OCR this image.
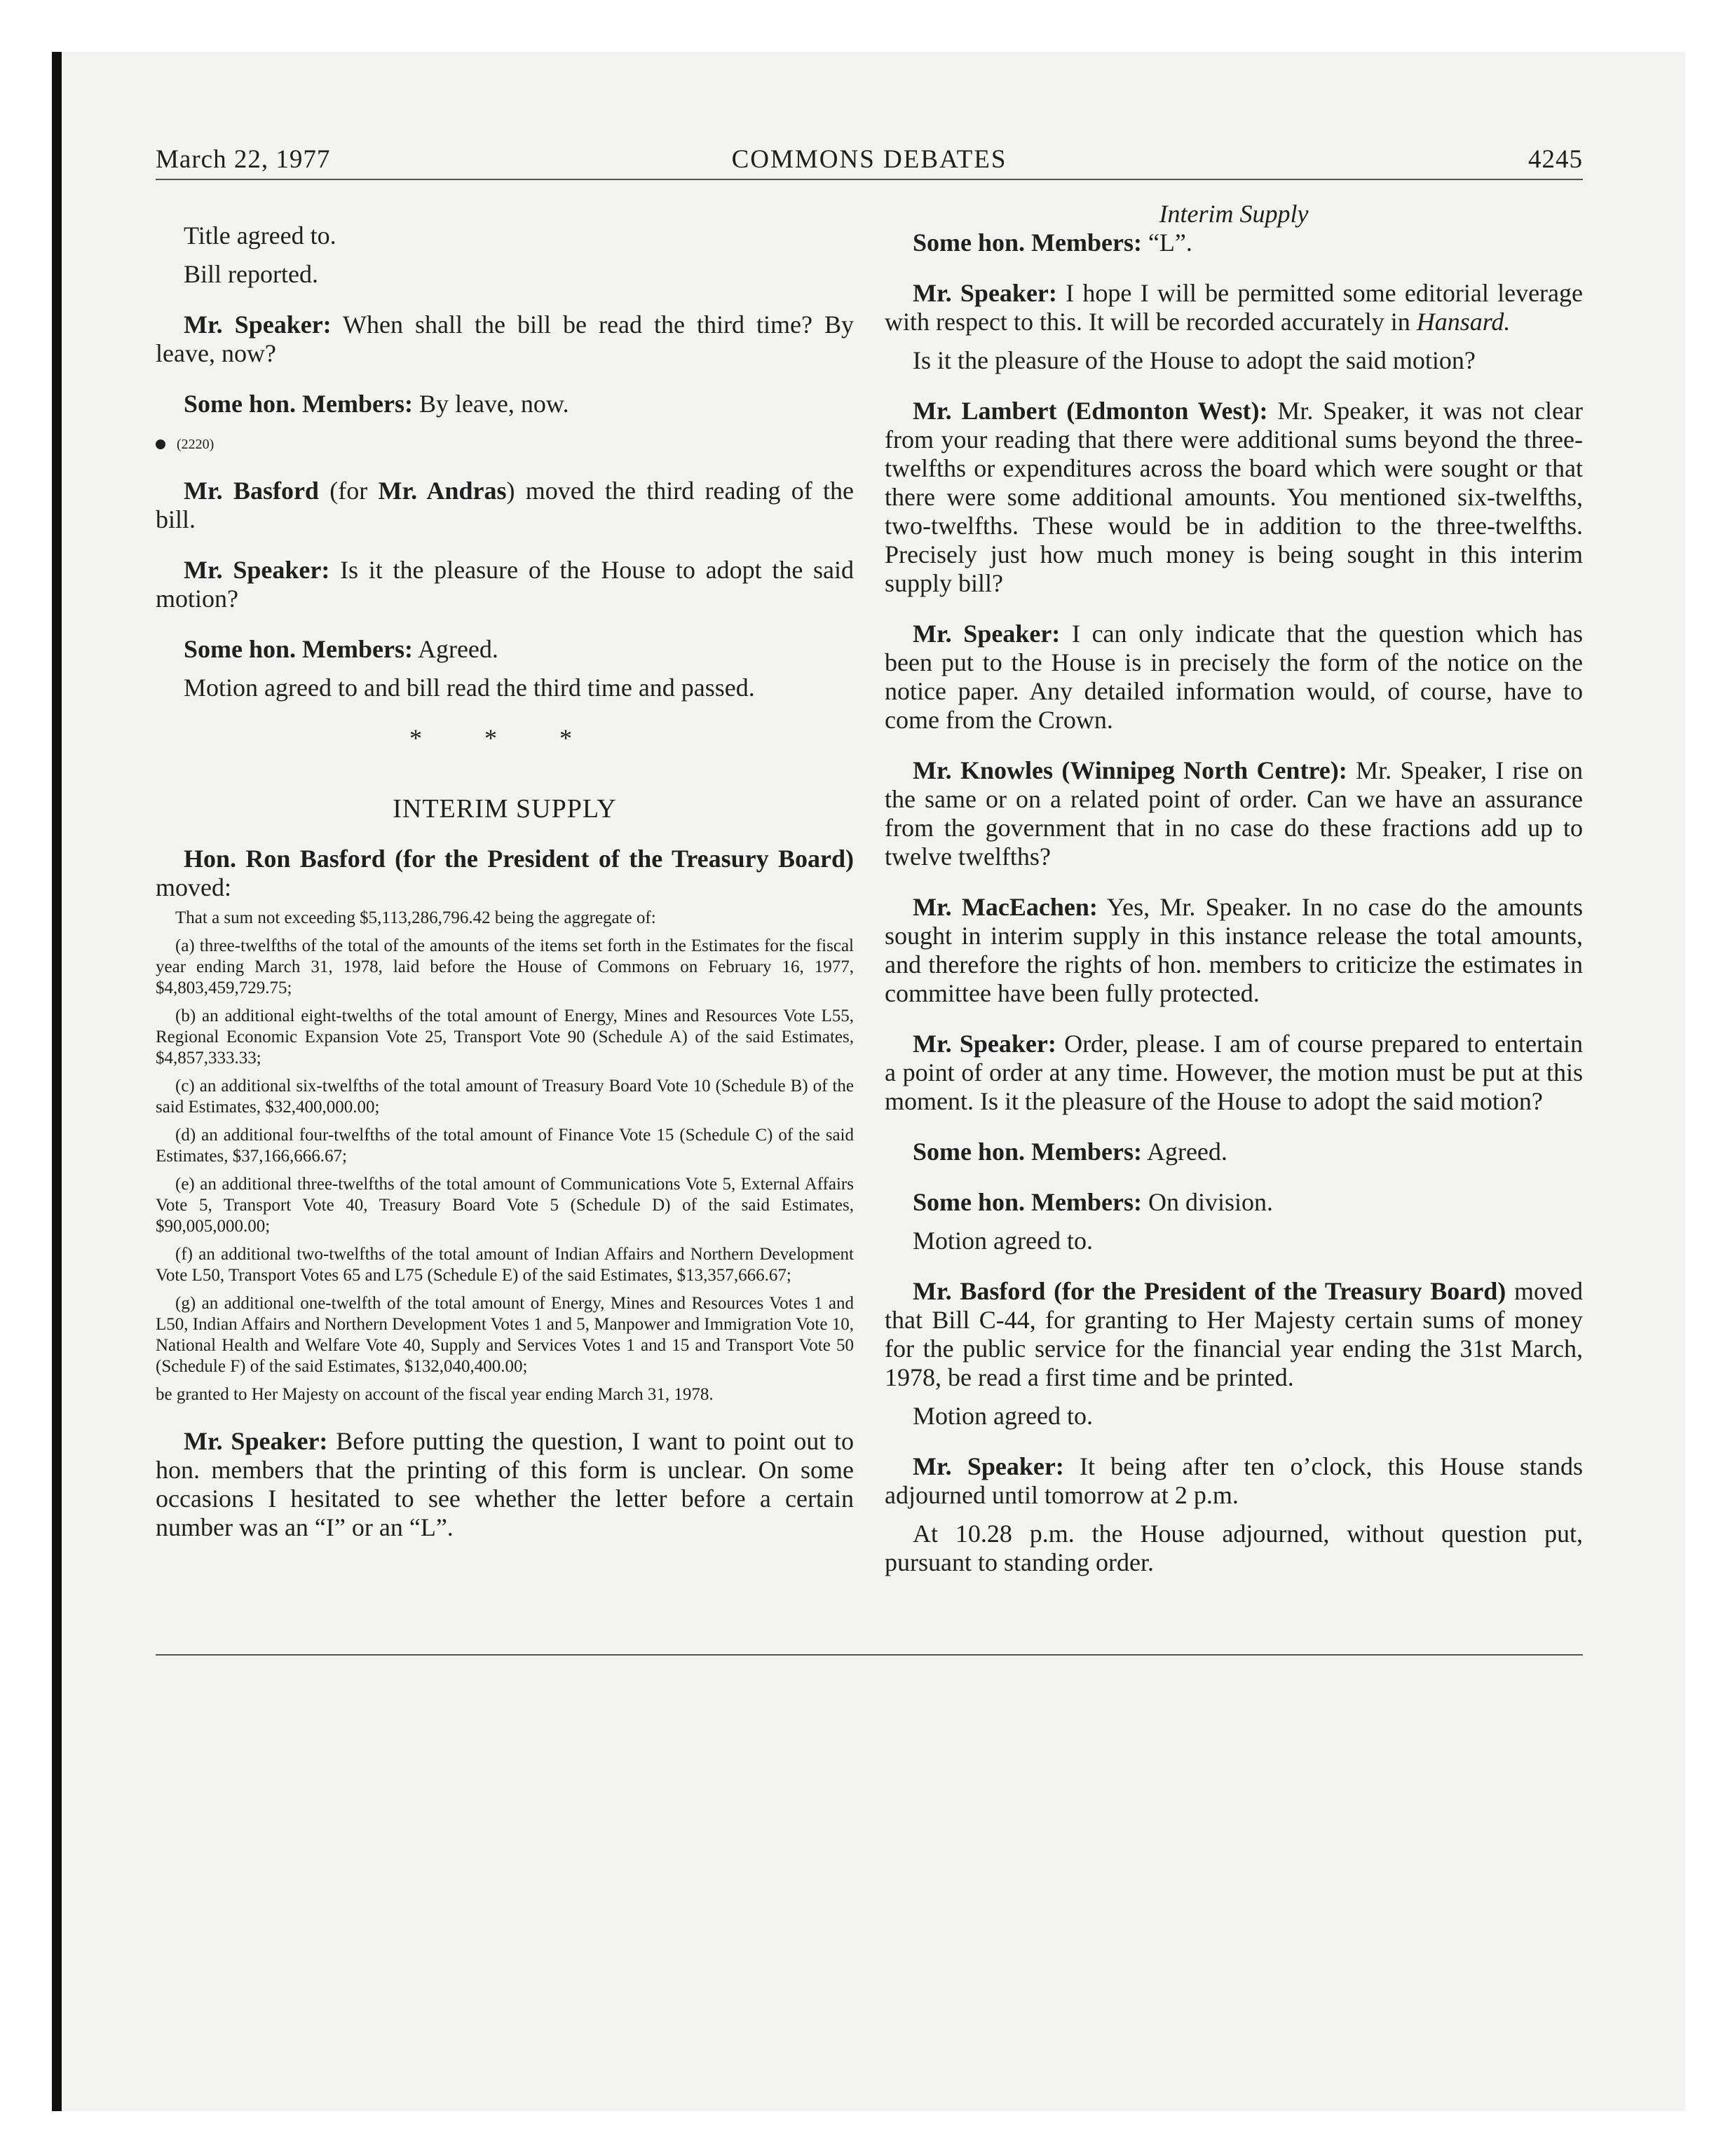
March 22, 1977	COMMONS DEBATES	4245

Title agreed to.

Bill reported.

Mr. Speaker: When shall the bill be read the third time? By leave, now?

Some hon. Members: By leave, now.

(2220)

Mr. Basford (for Mr. Andras) moved the third reading of the bill.

Mr. Speaker: Is it the pleasure of the House to adopt the said motion?

Some hon. Members: Agreed.

Motion agreed to and bill read the third time and passed.

* * *

INTERIM SUPPLY

Hon. Ron Basford (for the President of the Treasury Board) moved:

That a sum not exceeding $5,113,286,796.42 being the aggregate of:

(a) three-twelfths of the total of the amounts of the items set forth in the Estimates for the fiscal year ending March 31, 1978, laid before the House of Commons on February 16, 1977, $4,803,459,729.75;

(b) an additional eight-twelths of the total amount of Energy, Mines and Resources Vote L55, Regional Economic Expansion Vote 25, Transport Vote 90 (Schedule A) of the said Estimates, $4,857,333.33;

(c) an additional six-twelfths of the total amount of Treasury Board Vote 10 (Schedule B) of the said Estimates, $32,400,000.00;

(d) an additional four-twelfths of the total amount of Finance Vote 15 (Schedule C) of the said Estimates, $37,166,666.67;

(e) an additional three-twelfths of the total amount of Communications Vote 5, External Affairs Vote 5, Transport Vote 40, Treasury Board Vote 5 (Schedule D) of the said Estimates, $90,005,000.00;

(f) an additional two-twelfths of the total amount of Indian Affairs and Northern Development Vote L50, Transport Votes 65 and L75 (Schedule E) of the said Estimates, $13,357,666.67;

(g) an additional one-twelfth of the total amount of Energy, Mines and Resources Votes 1 and L50, Indian Affairs and Northern Development Votes 1 and 5, Manpower and Immigration Vote 10, National Health and Welfare Vote 40, Supply and Services Votes 1 and 15 and Transport Vote 50 (Schedule F) of the said Estimates, $132,040,400.00;

be granted to Her Majesty on account of the fiscal year ending March 31, 1978.

Mr. Speaker: Before putting the question, I want to point out to hon. members that the printing of this form is unclear. On some occasions I hesitated to see whether the letter before a certain number was an “I” or an “L”.

Interim Supply

Some hon. Members: “L”.

Mr. Speaker: I hope I will be permitted some editorial leverage with respect to this. It will be recorded accurately in Hansard.

Is it the pleasure of the House to adopt the said motion?

Mr. Lambert (Edmonton West): Mr. Speaker, it was not clear from your reading that there were additional sums beyond the three-twelfths or expenditures across the board which were sought or that there were some additional amounts. You mentioned six-twelfths, two-twelfths. These would be in addition to the three-twelfths. Precisely just how much money is being sought in this interim supply bill?

Mr. Speaker: I can only indicate that the question which has been put to the House is in precisely the form of the notice on the notice paper. Any detailed information would, of course, have to come from the Crown.

Mr. Knowles (Winnipeg North Centre): Mr. Speaker, I rise on the same or on a related point of order. Can we have an assurance from the government that in no case do these fractions add up to twelve twelfths?

Mr. MacEachen: Yes, Mr. Speaker. In no case do the amounts sought in interim supply in this instance release the total amounts, and therefore the rights of hon. members to criticize the estimates in committee have been fully protected.

Mr. Speaker: Order, please. I am of course prepared to entertain a point of order at any time. However, the motion must be put at this moment. Is it the pleasure of the House to adopt the said motion?

Some hon. Members: Agreed.

Some hon. Members: On division.

Motion agreed to.

Mr. Basford (for the President of the Treasury Board) moved that Bill C-44, for granting to Her Majesty certain sums of money for the public service for the financial year ending the 31st March, 1978, be read a first time and be printed.

Motion agreed to.

Mr. Speaker: It being after ten o’clock, this House stands adjourned until tomorrow at 2 p.m.

At 10.28 p.m. the House adjourned, without question put, pursuant to standing order.
